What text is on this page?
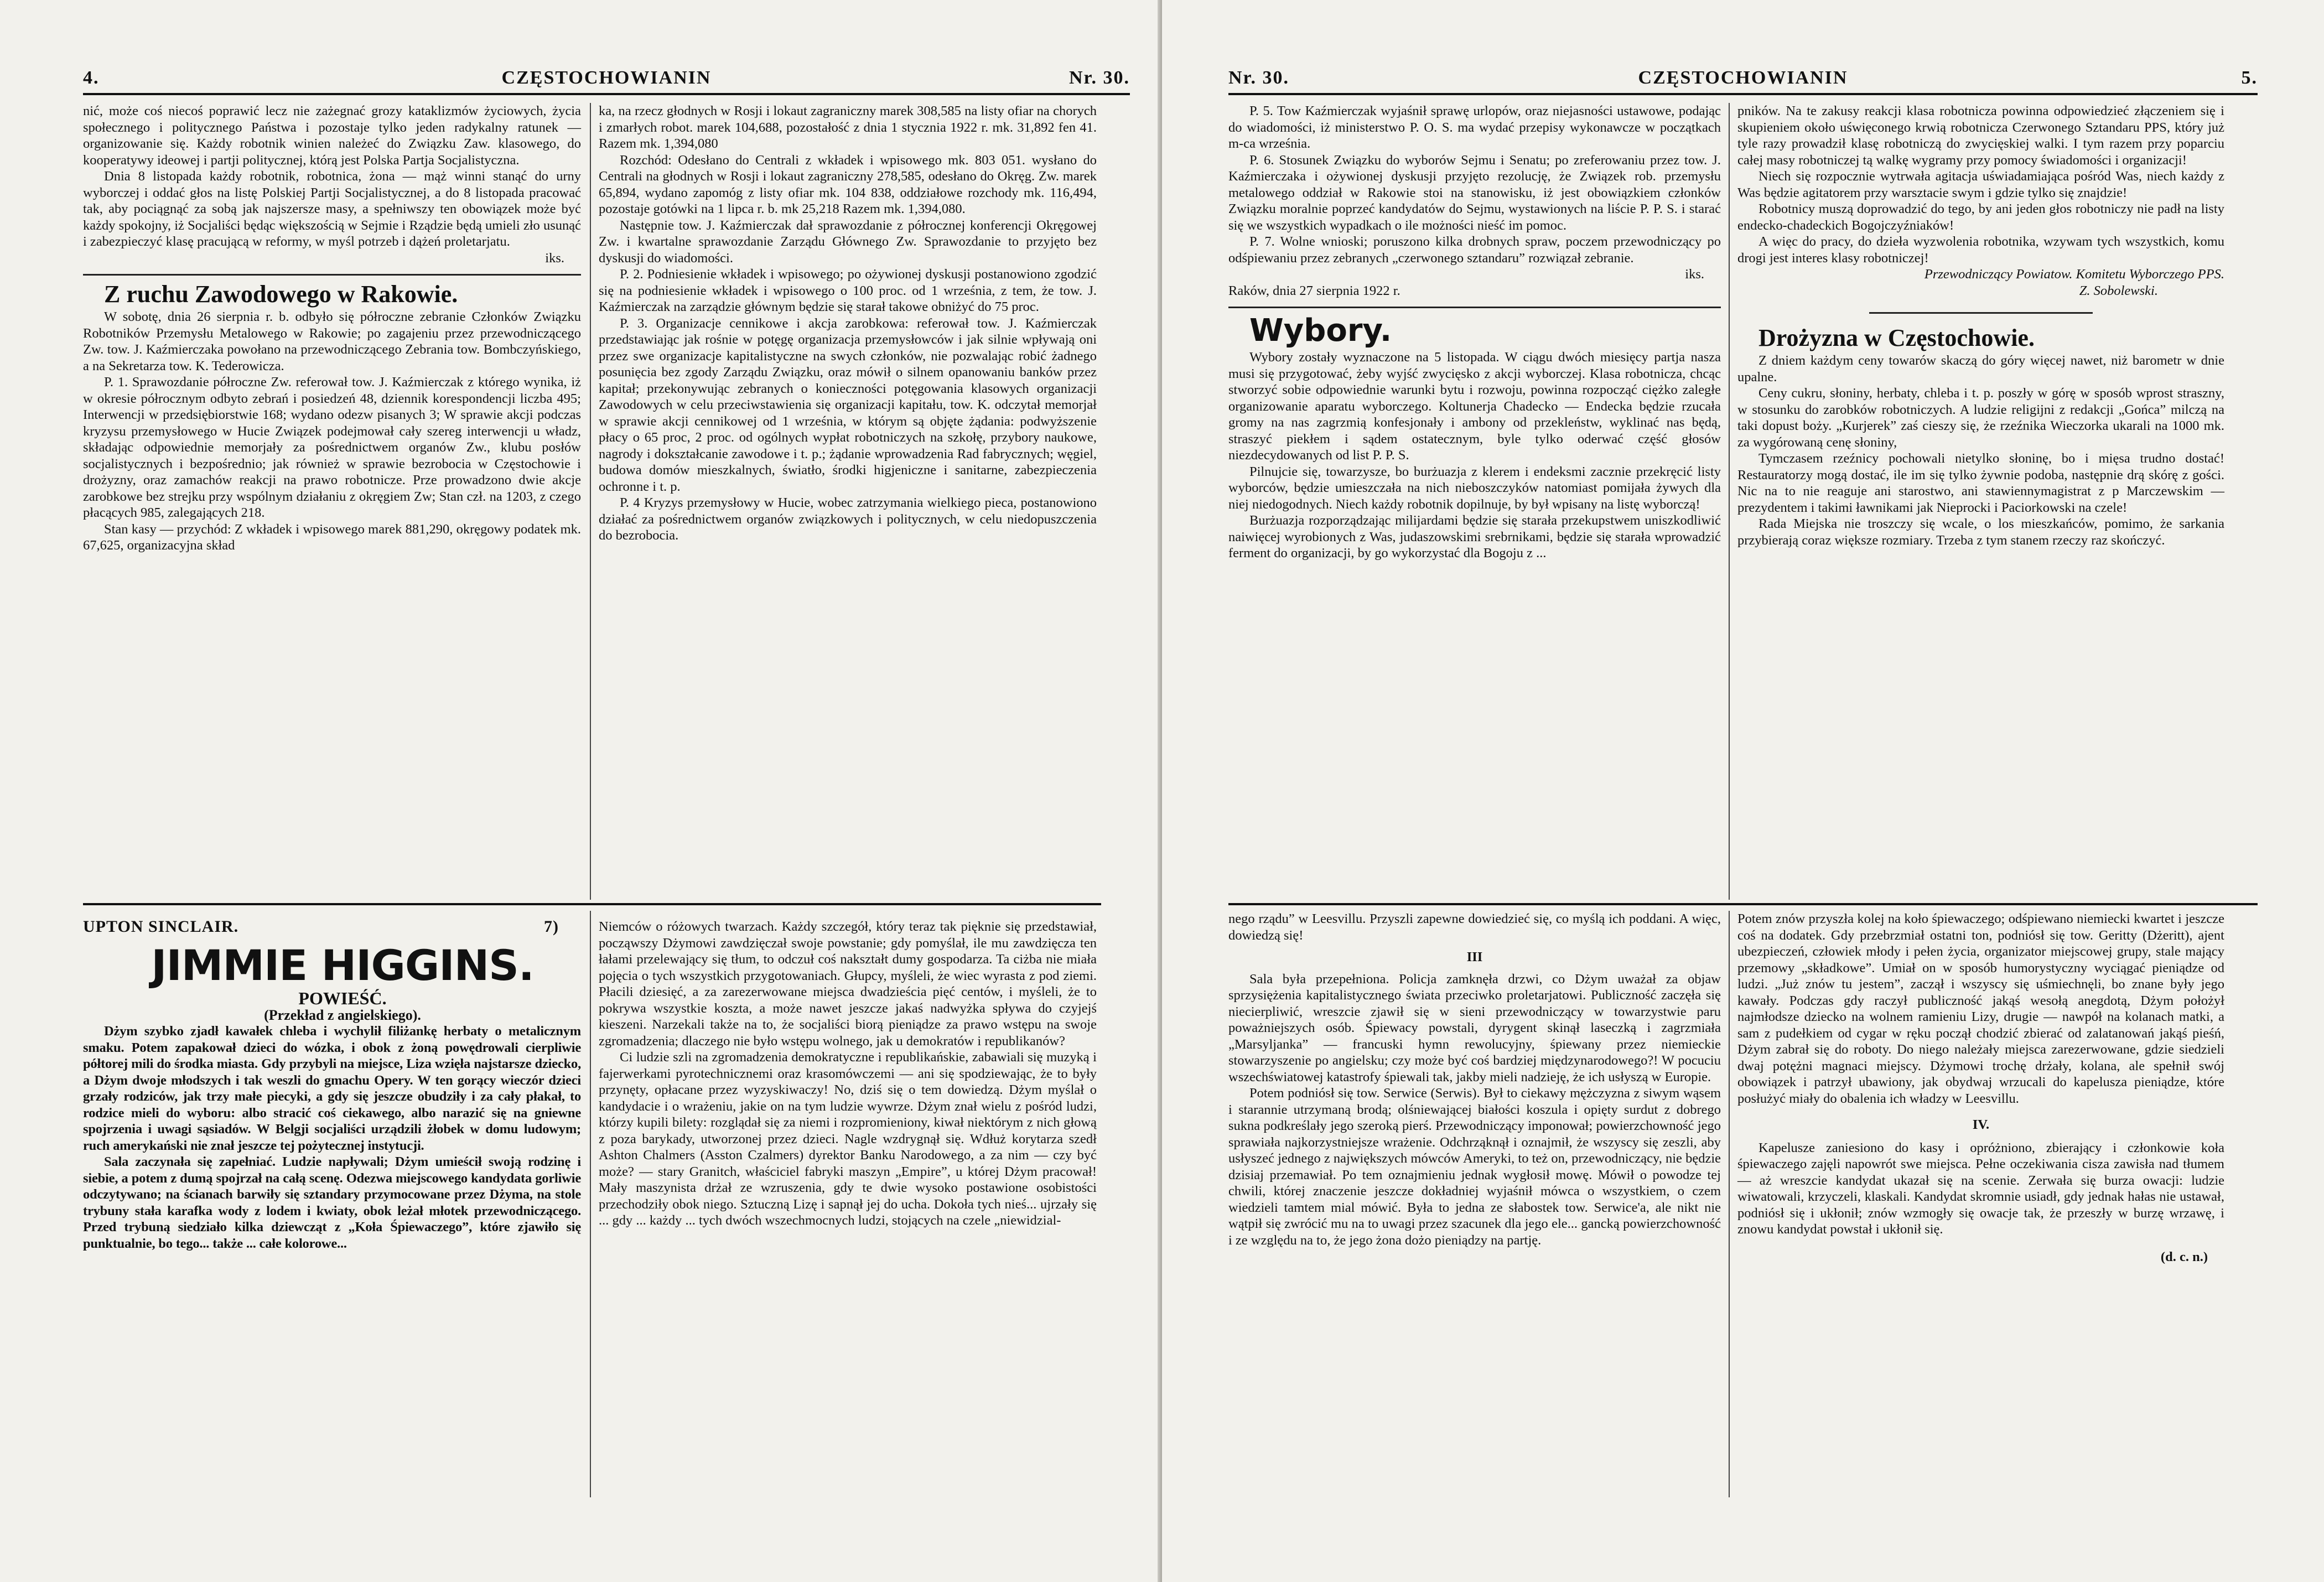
4.	CZĘSTOCHOWIANIN	Nr. 30.

nić, może coś niecoś poprawić lecz nie zażegnać grozy kataklizmów życiowych, życia społecznego i politycznego Państwa i pozostaje tylko jeden radykalny ratunek — organizowanie się. Każdy robotnik winien należeć do Związku Zaw. klasowego, do kooperatywy ideowej i partji politycznej, którą jest Polska Partja Socjalistyczna.

Dnia 8 listopada każdy robotnik, robotnica, żona — mąż winni stanąć do urny wyborczej i oddać głos na listę Polskiej Partji Socjalistycznej, a do 8 listopada pracować tak, aby pociągnąć za sobą jak najszersze masy, a spełniwszy ten obowiązek może być każdy spokojny, iż Socjaliści będąc większością w Sejmie i Rządzie będą umieli zło usunąć i zabezpieczyć klasę pracującą w reformy, w myśl potrzeb i dążeń proletarjatu.

iks.

Z ruchu Zawodowego w Rakowie.

W sobotę, dnia 26 sierpnia r. b. odbyło się półroczne zebranie Członków Związku Robotników Przemysłu Metalowego w Rakowie; po zagajeniu przez przewodniczącego Zw. tow. J. Kaźmierczaka powołano na przewodniczącego Zebrania tow. Bombczyńskiego, a na Sekretarza tow. K. Tederowicza.

P. 1. Sprawozdanie półroczne Zw. referował tow. J. Kaźmierczak z którego wynika, iż w okresie półrocznym odbyto zebrań i posiedzeń 48, dziennik korespondencji liczba 495; Interwencji w przedsiębiorstwie 168; wydano odezw pisanych 3; W sprawie akcji podczas kryzysu przemysłowego w Hucie Związek podejmował cały szereg interwencji u władz, składając odpowiednie memorjały za pośrednictwem organów Zw., klubu posłów socjalistycznych i bezpośrednio; jak również w sprawie bezrobocia w Częstochowie i drożyzny, oraz zamachów reakcji na prawo robotnicze. Prze prowadzono dwie akcje zarobkowe bez strejku przy wspólnym działaniu z okręgiem Zw; Stan czł. na 1203, z czego płacących 985, zalegających 218.

Stan kasy — przychód: Z wkładek i wpisowego marek 881,290, okręgowy podatek mk. 67,625, organizacyjna skład

ka, na rzecz głodnych w Rosji i lokaut zagraniczny marek 308,585 na listy ofiar na chorych i zmarłych robot. marek 104,688, pozostałość z dnia 1 stycznia 1922 r. mk. 31,892 fen 41. Razem mk. 1,394,080

Rozchód: Odesłano do Centrali z wkładek i wpisowego mk. 803 051. wysłano do Centrali na głodnych w Rosji i lokaut zagraniczny 278,585, odesłano do Okręg. Zw. marek 65,894, wydano zapomóg z listy ofiar mk. 104 838, oddziałowe rozchody mk. 116,494, pozostaje gotówki na 1 lipca r. b. mk 25,218 Razem mk. 1,394,080.

Następnie tow. J. Kaźmierczak dał sprawozdanie z półrocznej konferencji Okręgowej Zw. i kwartalne sprawozdanie Zarządu Głównego Zw. Sprawozdanie to przyjęto bez dyskusji do wiadomości.

P. 2. Podniesienie wkładek i wpisowego; po ożywionej dyskusji postanowiono zgodzić się na podniesienie wkładek i wpisowego o 100 proc. od 1 września, z tem, że tow. J. Kaźmierczak na zarządzie głównym będzie się starał takowe obniżyć do 75 proc.

P. 3. Organizacje cennikowe i akcja zarobkowa: referował tow. J. Kaźmierczak przedstawiając jak rośnie w potęgę organizacja przemysłowców i jak silnie wpływają oni przez swe organizacje kapitalistyczne na swych członków, nie pozwalając robić żadnego posunięcia bez zgody Zarządu Związku, oraz mówił o silnem opanowaniu banków przez kapitał; przekonywując zebranych o konieczności potęgowania klasowych organizacji Zawodowych w celu przeciwstawienia się organizacji kapitału, tow. K. odczytał memorjał w sprawie akcji cennikowej od 1 września, w którym są objęte żądania: podwyższenie płacy o 65 proc, 2 proc. od ogólnych wypłat robotniczych na szkołę, przybory naukowe, nagrody i dokształcanie zawodowe i t. p.; żądanie wprowadzenia Rad fabrycznych; węgiel, budowa domów mieszkalnych, światło, środki higjeniczne i sanitarne, zabezpieczenia ochronne i t. p.

P. 4 Kryzys przemysłowy w Hucie, wobec zatrzymania wielkiego pieca, postanowiono działać za pośrednictwem organów związkowych i politycznych, w celu niedopuszczenia do bezrobocia.

UPTON SINCLAIR.	7)

JIMMIE HIGGINS.

POWIEŚĆ.

(Przekład z angielskiego).

Dżym szybko zjadł kawałek chleba i wychylił filiżankę herbaty o metalicznym smaku. Potem zapakował dzieci do wózka, i obok z żoną powędrowali cierpliwie półtorej mili do środka miasta. Gdy przybyli na miejsce, Liza wzięła najstarsze dziecko, a Dżym dwoje młodszych i tak weszli do gmachu Opery. W ten gorący wieczór dzieci grzały rodziców, jak trzy małe piecyki, a gdy się jeszcze obudziły i za cały płakał, to rodzice mieli do wyboru: albo stracić coś ciekawego, albo narazić się na gniewne spojrzenia i uwagi sąsiadów. W Belgji socjaliści urządzili żłobek w domu ludowym; ruch amerykański nie znał jeszcze tej pożytecznej instytucji.

Sala zaczynała się zapełniać. Ludzie napływali; Dżym umieścił swoją rodzinę i siebie, a potem z dumą spojrzał na całą scenę. Odezwa miejscowego kandydata gorliwie odczytywano; na ścianach barwiły się sztandary przymocowane przez Dżyma, na stole trybuny stała karafka wody z lodem i kwiaty, obok leżał młotek przewodniczącego. Przed trybuną siedziało kilka dziewcząt z „Koła Śpiewaczego”, które zjawiło się punktualnie, bo tego... także ... całe kolorowe...

Niemców o różowych twarzach. Każdy szczegół, który teraz tak pięknie się przedstawiał, począwszy Dżymowi zawdzięczał swoje powstanie; gdy pomyślał, ile mu zawdzięcza ten łałami przelewający się tłum, to odczuł coś nakształt dumy gospodarza. Ta ciżba nie miała pojęcia o tych wszystkich przygotowaniach. Głupcy, myśleli, że wiec wyrasta z pod ziemi. Płacili dziesięć, a za zarezerwowane miejsca dwadzieścia pięć centów, i myśleli, że to pokrywa wszystkie koszta, a może nawet jeszcze jakaś nadwyżka spływa do czyjejś kieszeni. Narzekali także na to, że socjaliści biorą pieniądze za prawo wstępu na swoje zgromadzenia; dlaczego nie było wstępu wolnego, jak u demokratów i republikanów?

Ci ludzie szli na zgromadzenia demokratyczne i republikańskie, zabawiali się muzyką i fajerwerkami pyrotechnicznemi oraz krasomówczemi — ani się spodziewając, że to były przynęty, opłacane przez wyzyskiwaczy! No, dziś się o tem dowiedzą. Dżym myślał o kandydacie i o wrażeniu, jakie on na tym ludzie wywrze. Dżym znał wielu z pośród ludzi, którzy kupili bilety: rozglądał się za niemi i rozpromieniony, kiwał niektórym z nich głową z poza barykady, utworzonej przez dzieci. Nagle wzdrygnął się. Wdłuż korytarza szedł Ashton Chalmers (Asston Czalmers) dyrektor Banku Narodowego, a za nim — czy być może? — stary Granitch, właściciel fabryki maszyn „Empire”, u której Dżym pracował! Mały maszynista drżał ze wzruszenia, gdy te dwie wysoko postawione osobistości przechodziły obok niego. Sztuczną Lizę i sapnął jej do ucha. Dokoła tych nieś... ujrzały się ... gdy ... każdy ... tych dwóch wszechmocnych ludzi, stojących na czele „niewidzial-

Nr. 30.	CZĘSTOCHOWIANIN	5.

P. 5. Tow Kaźmierczak wyjaśnił sprawę urlopów, oraz niejasności ustawowe, podając do wiadomości, iż ministerstwo P. O. S. ma wydać przepisy wykonawcze w początkach m-ca września.

P. 6. Stosunek Związku do wyborów Sejmu i Senatu; po zreferowaniu przez tow. J. Kaźmierczaka i ożywionej dyskusji przyjęto rezolucję, że Związek rob. przemysłu metalowego oddział w Rakowie stoi na stanowisku, iż jest obowiązkiem członków Związku moralnie poprzeć kandydatów do Sejmu, wystawionych na liście P. P. S. i starać się we wszystkich wypadkach o ile możności nieść im pomoc.

P. 7. Wolne wnioski; poruszono kilka drobnych spraw, poczem przewodniczący po odśpiewaniu przez zebranych „czerwonego sztandaru” rozwiązał zebranie.

iks.

Raków, dnia 27 sierpnia 1922 r.

Wybory.

Wybory zostały wyznaczone na 5 listopada. W ciągu dwóch miesięcy partja nasza musi się przygotować, żeby wyjść zwycięsko z akcji wyborczej. Klasa robotnicza, chcąc stworzyć sobie odpowiednie warunki bytu i rozwoju, powinna rozpocząć ciężko zaległe organizowanie aparatu wyborczego. Koltunerja Chadecko — Endecka będzie rzucała gromy na nas zagrzmią konfesjonały i ambony od przekleństw, wyklinać nas będą, straszyć piekłem i sądem ostatecznym, byle tylko oderwać część głosów niezdecydowanych od list P. P. S.

Pilnujcie się, towarzysze, bo burżuazja z klerem i endeksmi zacznie przekręcić listy wyborców, będzie umieszczała na nich nieboszczyków natomiast pomijała żywych dla niej niedogodnych. Niech każdy robotnik dopilnuje, by był wpisany na listę wyborczą!

Burżuazja rozporządzając milijardami będzie się starała przekupstwem uniszkodliwić naiwięcej wyrobionych z Was, judaszowskimi srebrnikami, będzie się starała wprowadzić ferment do organizacji, by go wykorzystać dla Bogoju z ...

pników. Na te zakusy reakcji klasa robotnicza powinna odpowiedzieć złączeniem się i skupieniem około uświęconego krwią robotnicza Czerwonego Sztandaru PPS, który już tyle razy prowadził klasę robotniczą do zwycięskiej walki. I tym razem przy poparciu całej masy robotniczej tą walkę wygramy przy pomocy świadomości i organizacji!

Niech się rozpocznie wytrwała agitacja uświadamiająca pośród Was, niech każdy z Was będzie agitatorem przy warsztacie swym i gdzie tylko się znajdzie!

Robotnicy muszą doprowadzić do tego, by ani jeden głos robotniczy nie padł na listy endecko-chadeckich Bogojczyźniaków!

A więc do pracy, do dzieła wyzwolenia robotnika, wzywam tych wszystkich, komu drogi jest interes klasy robotniczej!

Przewodniczący Powiatow. Komitetu Wyborczego PPS.

Z. Sobolewski.

Drożyzna w Częstochowie.

Z dniem każdym ceny towarów skaczą do góry więcej nawet, niż barometr w dnie upalne.

Ceny cukru, słoniny, herbaty, chleba i t. p. poszły w górę w sposób wprost straszny, w stosunku do zarobków robotniczych. A ludzie religijni z redakcji „Gońca” milczą na taki dopust boży. „Kurjerek” zaś cieszy się, że rzeźnika Wieczorka ukarali na 1000 mk. za wygórowaną cenę słoniny,

Tymczasem rzeźnicy pochowali nietylko słoninę, bo i mięsa trudno dostać! Restauratorzy mogą dostać, ile im się tylko żywnie podoba, następnie drą skórę z gości. Nic na to nie reaguje ani starostwo, ani stawiennymagistrat z p Marczewskim — prezydentem i takimi ławnikami jak Nieprocki i Paciorkowski na czele!

Rada Miejska nie troszczy się wcale, o los mieszkańców, pomimo, że sarkania przybierają coraz większe rozmiary. Trzeba z tym stanem rzeczy raz skończyć.

nego rządu” w Leesvillu. Przyszli zapewne dowiedzieć się, co myślą ich poddani. A więc, dowiedzą się!

III

Sala była przepełniona. Policja zamknęła drzwi, co Dżym uważał za objaw sprzysiężenia kapitalistycznego świata przeciwko proletarjatowi. Publiczność zaczęła się niecierpliwić, wreszcie zjawił się w sieni przewodniczący w towarzystwie paru poważniejszych osób. Śpiewacy powstali, dyrygent skinął laseczką i zagrzmiała „Marsyljanka” — francuski hymn rewolucyjny, śpiewany przez niemieckie stowarzyszenie po angielsku; czy może być coś bardziej międzynarodowego?! W pocuciu wszechświatowej katastrofy śpiewali tak, jakby mieli nadzieję, że ich usłyszą w Europie.

Potem podniósł się tow. Serwice (Serwis). Był to ciekawy mężczyzna z siwym wąsem i starannie utrzymaną brodą; olśniewającej białości koszula i opięty surdut z dobrego sukna podkreślały jego szeroką pierś. Przewodniczący imponował; powierzchowność jego sprawiała najkorzystniejsze wrażenie. Odchrząknął i oznajmił, że wszyscy się zeszli, aby usłyszeć jednego z największych mówców Ameryki, to też on, przewodniczący, nie będzie dzisiaj przemawiał. Po tem oznajmieniu jednak wygłosił mowę. Mówił o powodze tej chwili, której znaczenie jeszcze dokładniej wyjaśnił mówca o wszystkiem, o czem wiedzieli tamtem mial mówić. Była to jedna ze słabostek tow. Serwice'a, ale nikt nie wątpił się zwrócić mu na to uwagi przez szacunek dla jego ele... gancką powierzchowność i ze względu na to, że jego żona dożo pieniądzy na partję.

Potem znów przyszła kolej na koło śpiewaczego; odśpiewano niemiecki kwartet i jeszcze coś na dodatek. Gdy przebrzmiał ostatni ton, podniósł się tow. Geritty (Dżeritt), ajent ubezpieczeń, człowiek młody i pełen życia, organizator miejscowej grupy, stale mający przemowy „składkowe”. Umiał on w sposób humorystyczny wyciągać pieniądze od ludzi. „Już znów tu jestem”, zaczął i wszyscy się uśmiechnęli, bo znane były jego kawały. Podczas gdy raczył publiczność jakąś wesołą anegdotą, Dżym położył najmłodsze dziecko na wolnem ramieniu Lizy, drugie — nawpół na kolanach matki, a sam z pudełkiem od cygar w ręku począł chodzić zbierać od zalatanowań jakąś pieśń, Dżym zabrał się do roboty. Do niego należały miejsca zarezerwowane, gdzie siedzieli dwaj potężni magnaci miejscy. Dżymowi trochę drżały, kolana, ale spełnił swój obowiązek i patrzył ubawiony, jak obydwaj wrzucali do kapelusza pieniądze, które posłużyć miały do obalenia ich władzy w Leesvillu.

IV.

Kapelusze zaniesiono do kasy i opróżniono, zbierający i członkowie koła śpiewaczego zajęli napowrót swe miejsca. Pełne oczekiwania cisza zawisła nad tłumem — aż wreszcie kandydat ukazał się na scenie. Zerwała się burza owacji: ludzie wiwatowali, krzyczeli, klaskali. Kandydat skromnie usiadł, gdy jednak hałas nie ustawał, podniósł się i ukłonił; znów wzmogły się owacje tak, że przeszły w burzę wrzawę, i znowu kandydat powstał i ukłonił się.

(d. c. n.)
